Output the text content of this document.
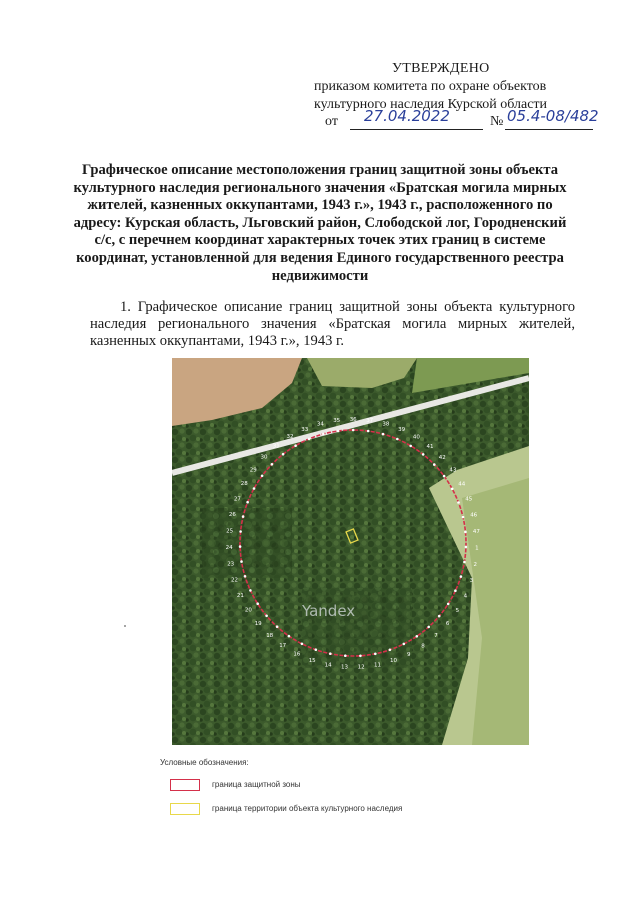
УТВЕРЖДЕНО
приказом комитета по охране объектов
культурного наследия Курской области
от 27.04.2022	№ 05.4-08/482
Графическое описание местоположения границ защитной зоны объекта культурного наследия регионального значения «Братская могила мирных жителей, казненных оккупантами, 1943 г.», 1943 г., расположенного по адресу: Курская область, Льговский район, Слободской лог, Городненский с/с, с перечнем координат характерных точек этих границ в системе координат, установленной для ведения Единого государственного реестра недвижимости
1. Графическое описание границ защитной зоны объекта культурного наследия регионального значения «Братская могила мирных жителей, казненных оккупантами, 1943 г.», 1943 г.
Yandex
1
2
3
4
5
6
7
8
9
10
11
12
13
14
15
16
17
18
19
20
21
22
23
24
25
26
27
28
29
30
31
32
33
34
35 36 37
38
39
40
41
42
43
44
45
46
47
Условные обозначения:
граница защитной зоны
граница территории объекта культурного наследия
